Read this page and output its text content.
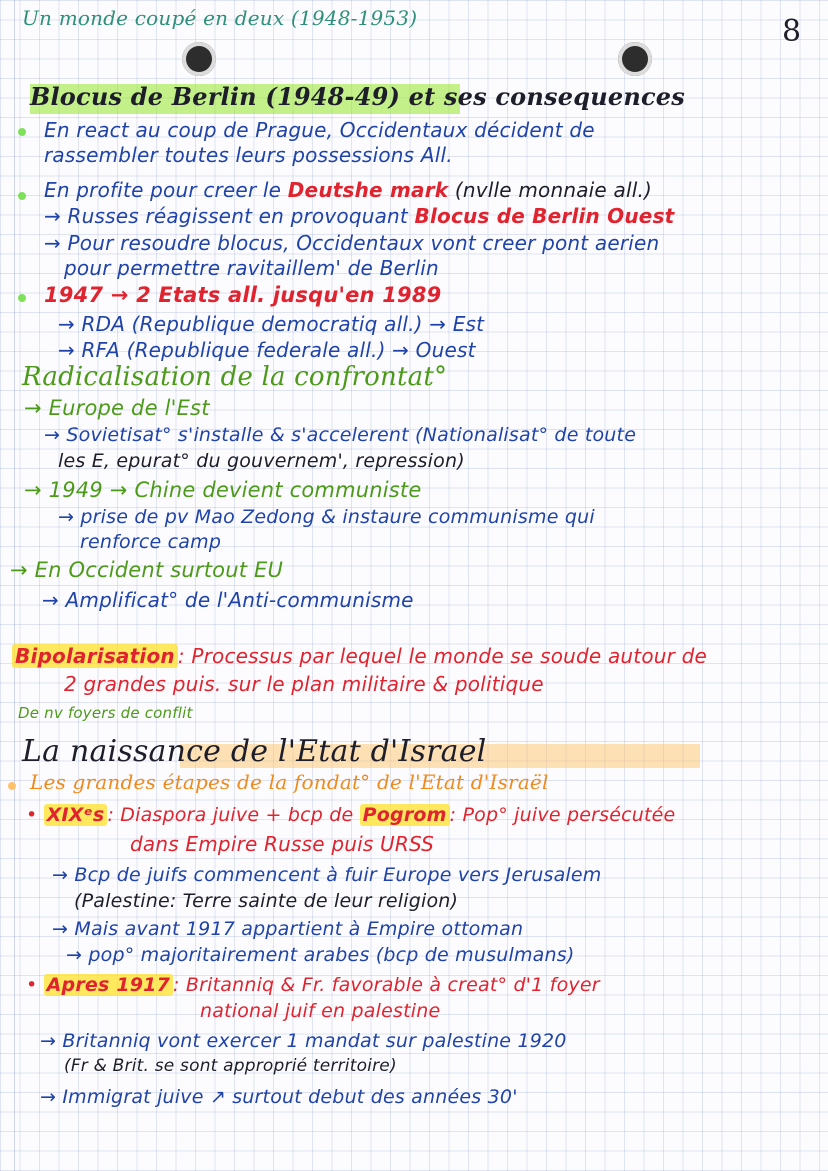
Un monde coupé en deux (1948-1953)	8
Blocus de Berlin (1948-49) et ses consequences
En react au coup de Prague, Occidentaux décident de
rassembler toutes leurs possessions All.
En profite pour creer le Deutshe mark (nvlle monnaie all.)
→ Russes réagissent en provoquant Blocus de Berlin Ouest
→ Pour resoudre blocus, Occidentaux vont creer pont aerien
pour permettre ravitaillem' de Berlin
1947 → 2 Etats all. jusqu'en 1989
→ RDA (Republique democratiq all.) → Est
→ RFA (Republique federale all.) → Ouest
Radicalisation de la confrontat°
→ Europe de l'Est
→ Sovietisat° s'installe & s'accelerent (Nationalisat° de toute
les E, epurat° du gouvernem', repression)
→ 1949 → Chine devient communiste
→ prise de pv Mao Zedong & instaure communisme qui
renforce camp
→ En Occident surtout EU
→ Amplificat° de l'Anti-communisme
Bipolarisation : Processus par lequel le monde se soude autour de
2 grandes puis. sur le plan militaire & politique
De nv foyers de conflit
La naissance de l'Etat d'Israel
Les grandes étapes de la fondat° de l'Etat d'Israël
• XIXᵉs : Diaspora juive + bcp de Pogrom : Pop° juive persécutée
dans Empire Russe puis URSS
→ Bcp de juifs commencent à fuir Europe vers Jerusalem
(Palestine: Terre sainte de leur religion)
→ Mais avant 1917 appartient à Empire ottoman
→ pop° majoritairement arabes (bcp de musulmans)
• Apres 1917 : Britanniq & Fr. favorable à creat° d'1 foyer
national juif en palestine
→ Britanniq vont exercer 1 mandat sur palestine 1920
(Fr & Brit. se sont approprié territoire)
→ Immigrat juive ↗ surtout debut des années 30'
